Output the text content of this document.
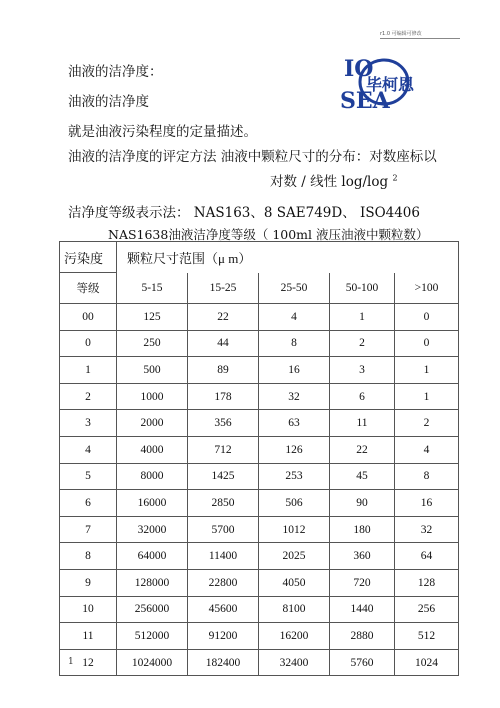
r1.0 可编辑可修改
IO
SEA
毕柯恩
油液的洁净度：
油液的洁净度
就是油液污染程度的定量描述。
油液的洁净度的评定方法 油液中颗粒尺寸的分布：对数座标以
对数 / 线性 log/log $^2$
洁净度等级表示法： NAS163、8 SAE749D、 ISO4406
NAS1638油液洁净度等级（ 100ml 液压油液中颗粒数）
污染度	颗粒尺寸范围（μ m）				
等级	5-15	15-25	25-50	50-100	>100
00	125	22	4	1	0
0	250	44	8	2	0
1	500	89	16	3	1
2	1000	178	32	6	1
3	2000	356	63	11	2
4	4000	712	126	22	4
5	8000	1425	253	45	8
6	16000	2850	506	90	16
7	32000	5700	1012	180	32
8	64000	11400	2025	360	64
9	128000	22800	4050	720	128
10	256000	45600	8100	1440	256
11	512000	91200	16200	2880	512
12	1024000	182400	32400	5760	1024
1
